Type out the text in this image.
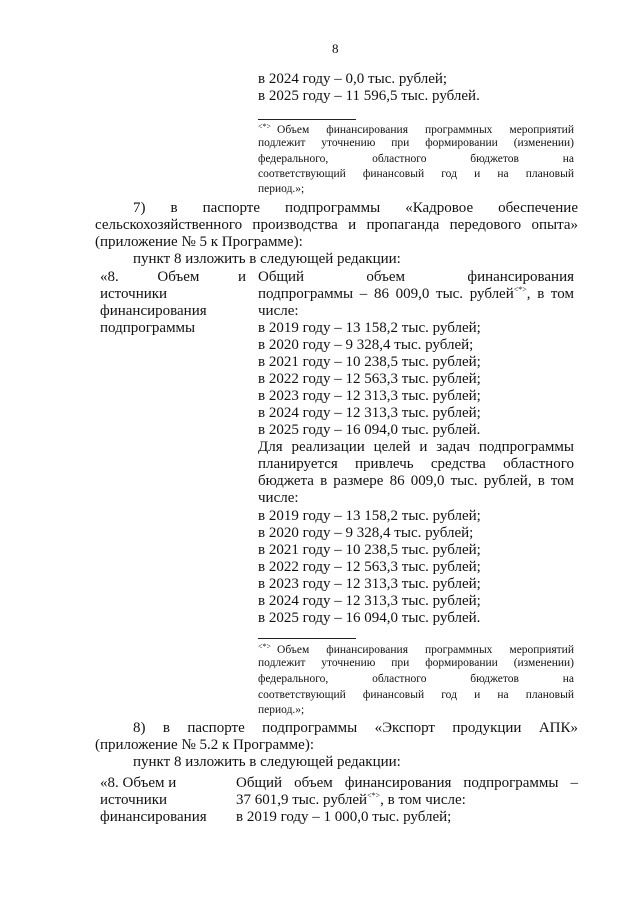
8
в 2024 году – 0,0 тыс. рублей;
в 2025 году – 11 596,5 тыс. рублей.
<*> Объем финансирования программных мероприятий
подлежит уточнению при формировании (изменении)
федерального, областного бюджетов на
соответствующий финансовый год и на плановый
период.»;
7) в паспорте подпрограммы «Кадровое обеспечение
сельскохозяйственного производства и пропаганда передового опыта»
(приложение № 5 к Программе):
пункт 8 изложить в следующей редакции:
«8. Объем и
источники
финансирования
подпрограммы
Общий объем финансирования
подпрограммы – 86 009,0 тыс. рублей<*>, в том
числе:
в 2019 году – 13 158,2 тыс. рублей;
в 2020 году – 9 328,4 тыс. рублей;
в 2021 году – 10 238,5 тыс. рублей;
в 2022 году – 12 563,3 тыс. рублей;
в 2023 году – 12 313,3 тыс. рублей;
в 2024 году – 12 313,3 тыс. рублей;
в 2025 году – 16 094,0 тыс. рублей.
Для реализации целей и задач подпрограммы
планируется привлечь средства областного
бюджета в размере 86 009,0 тыс. рублей, в том
числе:
в 2019 году – 13 158,2 тыс. рублей;
в 2020 году – 9 328,4 тыс. рублей;
в 2021 году – 10 238,5 тыс. рублей;
в 2022 году – 12 563,3 тыс. рублей;
в 2023 году – 12 313,3 тыс. рублей;
в 2024 году – 12 313,3 тыс. рублей;
в 2025 году – 16 094,0 тыс. рублей.
<*> Объем финансирования программных мероприятий
подлежит уточнению при формировании (изменении)
федерального, областного бюджетов на
соответствующий финансовый год и на плановый
период.»;
8) в паспорте подпрограммы «Экспорт продукции АПК»
(приложение № 5.2 к Программе):
пункт 8 изложить в следующей редакции:
«8. Объем и
источники
финансирования
Общий объем финансирования подпрограммы –
37 601,9 тыс. рублей<*>, в том числе:
в 2019 году – 1 000,0 тыс. рублей;
